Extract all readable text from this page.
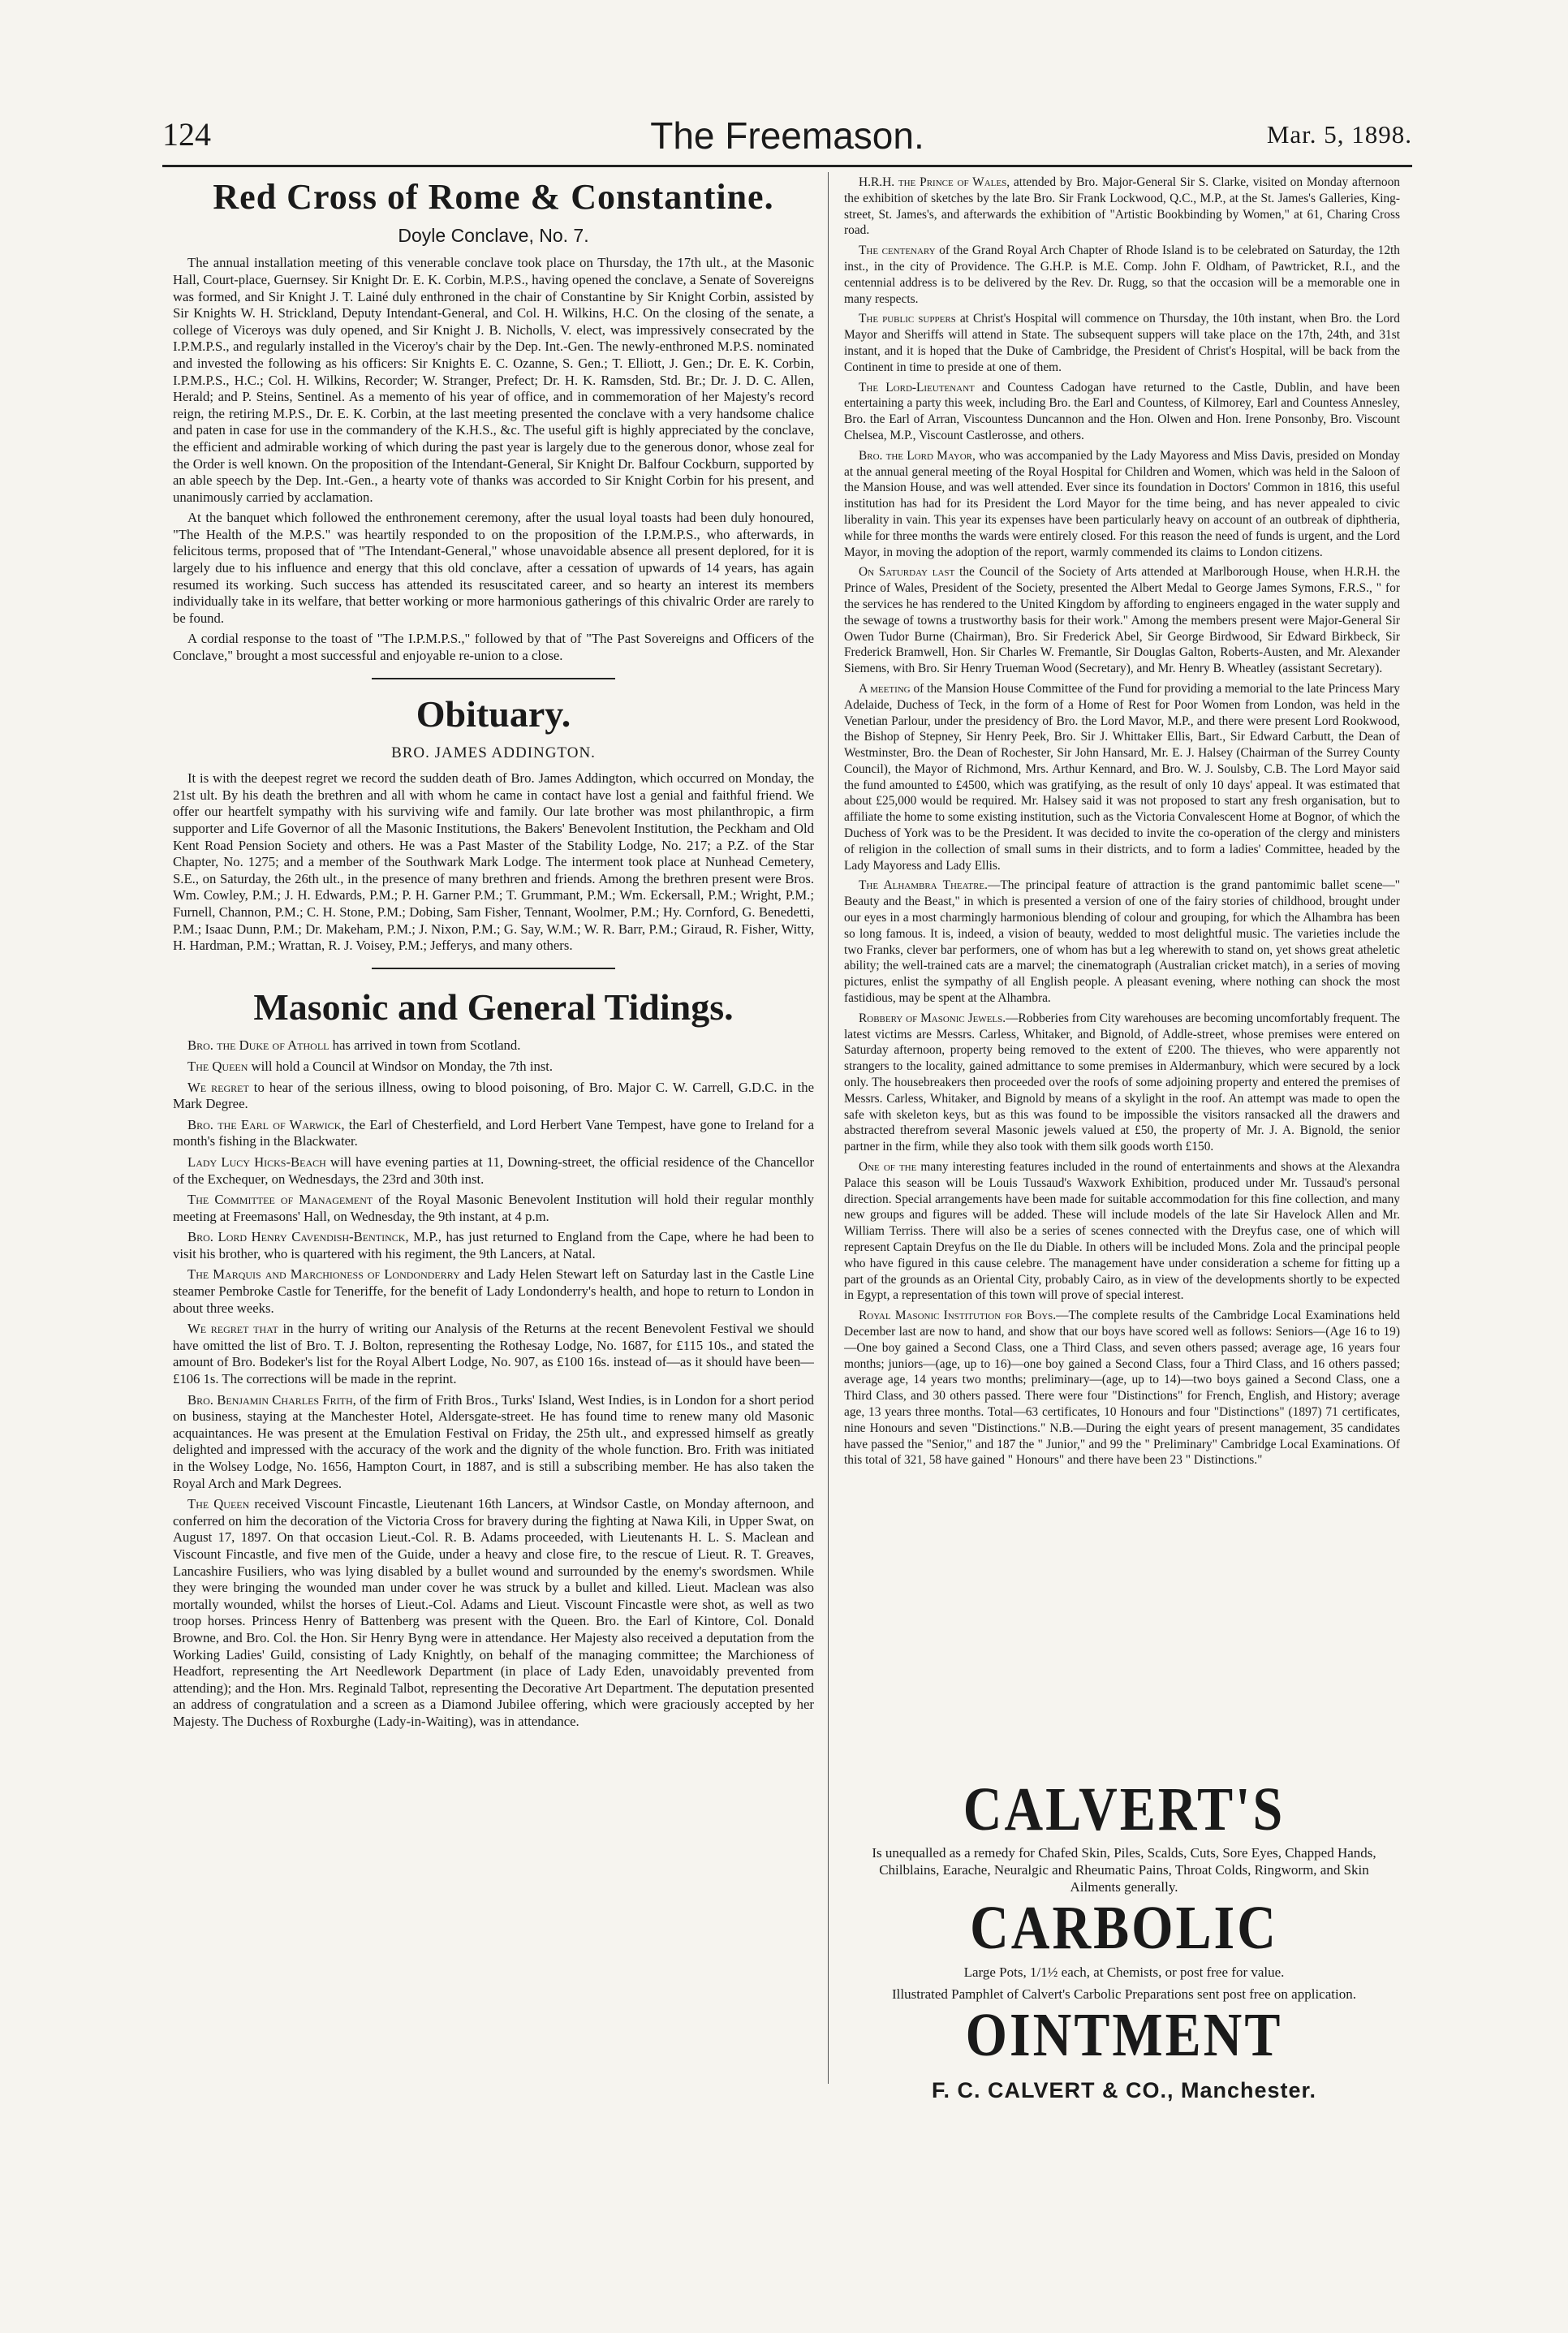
124	The Freemason.	Mar. 5, 1898.
Red Cross of Rome & Constantine.
Doyle Conclave, No. 7.

The annual installation meeting of this venerable conclave took place on Thursday, the 17th ult., at the Masonic Hall, Court-place, Guernsey. Sir Knight Dr. E. K. Corbin, M.P.S., having opened the conclave, a Senate of Sovereigns was formed, and Sir Knight J. T. Lainé duly enthroned in the chair of Constantine by Sir Knight Corbin, assisted by Sir Knights W. H. Strickland, Deputy Intendant-General, and Col. H. Wilkins, H.C. On the closing of the senate, a college of Viceroys was duly opened, and Sir Knight J. B. Nicholls, V. elect, was impressively consecrated by the I.P.M.P.S., and regularly installed in the Viceroy's chair by the Dep. Int.-Gen. The newly-enthroned M.P.S. nominated and invested the following as his officers: Sir Knights E. C. Ozanne, S. Gen.; T. Elliott, J. Gen.; Dr. E. K. Corbin, I.P.M.P.S., H.C.; Col. H. Wilkins, Recorder; W. Stranger, Prefect; Dr. H. K. Ramsden, Std. Br.; Dr. J. D. C. Allen, Herald; and P. Steins, Sentinel. As a memento of his year of office, and in commemoration of her Majesty's record reign, the retiring M.P.S., Dr. E. K. Corbin, at the last meeting presented the conclave with a very handsome chalice and paten in case for use in the commandery of the K.H.S., &c. The useful gift is highly appreciated by the conclave, the efficient and admirable working of which during the past year is largely due to the generous donor, whose zeal for the Order is well known. On the proposition of the Intendant-General, Sir Knight Dr. Balfour Cockburn, supported by an able speech by the Dep. Int.-Gen., a hearty vote of thanks was accorded to Sir Knight Corbin for his present, and unanimously carried by acclamation.

At the banquet which followed the enthronement ceremony, after the usual loyal toasts had been duly honoured, "The Health of the M.P.S." was heartily responded to on the proposition of the I.P.M.P.S., who afterwards, in felicitous terms, proposed that of "The Intendant-General," whose unavoidable absence all present deplored, for it is largely due to his influence and energy that this old conclave, after a cessation of upwards of 14 years, has again resumed its working. Such success has attended its resuscitated career, and so hearty an interest its members individually take in its welfare, that better working or more harmonious gatherings of this chivalric Order are rarely to be found.

A cordial response to the toast of "The I.P.M.P.S.," followed by that of "The Past Sovereigns and Officers of the Conclave," brought a most successful and enjoyable re-union to a close.

Obituary.
BRO. JAMES ADDINGTON.

It is with the deepest regret we record the sudden death of Bro. James Addington, which occurred on Monday, the 21st ult. By his death the brethren and all with whom he came in contact have lost a genial and faithful friend. We offer our heartfelt sympathy with his surviving wife and family. Our late brother was most philanthropic, a firm supporter and Life Governor of all the Masonic Institutions, the Bakers' Benevolent Institution, the Peckham and Old Kent Road Pension Society and others. He was a Past Master of the Stability Lodge, No. 217; a P.Z. of the Star Chapter, No. 1275; and a member of the Southwark Mark Lodge. The interment took place at Nunhead Cemetery, S.E., on Saturday, the 26th ult., in the presence of many brethren and friends. Among the brethren present were Bros. Wm. Cowley, P.M.; J. H. Edwards, P.M.; P. H. Garner P.M.; T. Grummant, P.M.; Wm. Eckersall, P.M.; Wright, P.M.; Furnell, Channon, P.M.; C. H. Stone, P.M.; Dobing, Sam Fisher, Tennant, Woolmer, P.M.; Hy. Cornford, G. Benedetti, P.M.; Isaac Dunn, P.M.; Dr. Makeham, P.M.; J. Nixon, P.M.; G. Say, W.M.; W. R. Barr, P.M.; Giraud, R. Fisher, Witty, H. Hardman, P.M.; Wrattan, R. J. Voisey, P.M.; Jefferys, and many others.

Masonic and General Tidings.

Bro. the Duke of Atholl has arrived in town from Scotland.

The Queen will hold a Council at Windsor on Monday, the 7th inst.

We regret to hear of the serious illness, owing to blood poisoning, of Bro. Major C. W. Carrell, G.D.C. in the Mark Degree.

Bro. the Earl of Warwick, the Earl of Chesterfield, and Lord Herbert Vane Tempest, have gone to Ireland for a month's fishing in the Blackwater.

Lady Lucy Hicks-Beach will have evening parties at 11, Downing-street, the official residence of the Chancellor of the Exchequer, on Wednesdays, the 23rd and 30th inst.

The Committee of Management of the Royal Masonic Benevolent Institution will hold their regular monthly meeting at Freemasons' Hall, on Wednesday, the 9th instant, at 4 p.m.

Bro. Lord Henry Cavendish-Bentinck, M.P., has just returned to England from the Cape, where he had been to visit his brother, who is quartered with his regiment, the 9th Lancers, at Natal.

The Marquis and Marchioness of Londonderry and Lady Helen Stewart left on Saturday last in the Castle Line steamer Pembroke Castle for Teneriffe, for the benefit of Lady Londonderry's health, and hope to return to London in about three weeks.

We regret that in the hurry of writing our Analysis of the Returns at the recent Benevolent Festival we should have omitted the list of Bro. T. J. Bolton, representing the Rothesay Lodge, No. 1687, for £115 10s., and stated the amount of Bro. Bodeker's list for the Royal Albert Lodge, No. 907, as £100 16s. instead of—as it should have been—£106 1s. The corrections will be made in the reprint.

Bro. Benjamin Charles Frith, of the firm of Frith Bros., Turks' Island, West Indies, is in London for a short period on business, staying at the Manchester Hotel, Aldersgate-street. He has found time to renew many old Masonic acquaintances. He was present at the Emulation Festival on Friday, the 25th ult., and expressed himself as greatly delighted and impressed with the accuracy of the work and the dignity of the whole function. Bro. Frith was initiated in the Wolsey Lodge, No. 1656, Hampton Court, in 1887, and is still a subscribing member. He has also taken the Royal Arch and Mark Degrees.

The Queen received Viscount Fincastle, Lieutenant 16th Lancers, at Windsor Castle, on Monday afternoon, and conferred on him the decoration of the Victoria Cross for bravery during the fighting at Nawa Kili, in Upper Swat, on August 17, 1897. On that occasion Lieut.-Col. R. B. Adams proceeded, with Lieutenants H. L. S. Maclean and Viscount Fincastle, and five men of the Guide, under a heavy and close fire, to the rescue of Lieut. R. T. Greaves, Lancashire Fusiliers, who was lying disabled by a bullet wound and surrounded by the enemy's swordsmen. While they were bringing the wounded man under cover he was struck by a bullet and killed. Lieut. Maclean was also mortally wounded, whilst the horses of Lieut.-Col. Adams and Lieut. Viscount Fincastle were shot, as well as two troop horses. Princess Henry of Battenberg was present with the Queen. Bro. the Earl of Kintore, Col. Donald Browne, and Bro. Col. the Hon. Sir Henry Byng were in attendance. Her Majesty also received a deputation from the Working Ladies' Guild, consisting of Lady Knightly, on behalf of the managing committee; the Marchioness of Headfort, representing the Art Needlework Department (in place of Lady Eden, unavoidably prevented from attending); and the Hon. Mrs. Reginald Talbot, representing the Decorative Art Department. The deputation presented an address of congratulation and a screen as a Diamond Jubilee offering, which were graciously accepted by her Majesty. The Duchess of Roxburghe (Lady-in-Waiting), was in attendance.

H.R.H. the Prince of Wales, attended by Bro. Major-General Sir S. Clarke, visited on Monday afternoon the exhibition of sketches by the late Bro. Sir Frank Lockwood, Q.C., M.P., at the St. James's Galleries, King-street, St. James's, and afterwards the exhibition of "Artistic Bookbinding by Women," at 61, Charing Cross road.

The centenary of the Grand Royal Arch Chapter of Rhode Island is to be celebrated on Saturday, the 12th inst., in the city of Providence. The G.H.P. is M.E. Comp. John F. Oldham, of Pawtricket, R.I., and the centennial address is to be delivered by the Rev. Dr. Rugg, so that the occasion will be a memorable one in many respects.

The public suppers at Christ's Hospital will commence on Thursday, the 10th instant, when Bro. the Lord Mayor and Sheriffs will attend in State. The subsequent suppers will take place on the 17th, 24th, and 31st instant, and it is hoped that the Duke of Cambridge, the President of Christ's Hospital, will be back from the Continent in time to preside at one of them.

The Lord-Lieutenant and Countess Cadogan have returned to the Castle, Dublin, and have been entertaining a party this week, including Bro. the Earl and Countess, of Kilmorey, Earl and Countess Annesley, Bro. the Earl of Arran, Viscountess Duncannon and the Hon. Olwen and Hon. Irene Ponsonby, Bro. Viscount Chelsea, M.P., Viscount Castlerosse, and others.

Bro. the Lord Mayor, who was accompanied by the Lady Mayoress and Miss Davis, presided on Monday at the annual general meeting of the Royal Hospital for Children and Women, which was held in the Saloon of the Mansion House, and was well attended. Ever since its foundation in Doctors' Common in 1816, this useful institution has had for its President the Lord Mayor for the time being, and has never appealed to civic liberality in vain. This year its expenses have been particularly heavy on account of an outbreak of diphtheria, while for three months the wards were entirely closed. For this reason the need of funds is urgent, and the Lord Mayor, in moving the adoption of the report, warmly commended its claims to London citizens.

On Saturday last the Council of the Society of Arts attended at Marlborough House, when H.R.H. the Prince of Wales, President of the Society, presented the Albert Medal to George James Symons, F.R.S., " for the services he has rendered to the United Kingdom by affording to engineers engaged in the water supply and the sewage of towns a trustworthy basis for their work." Among the members present were Major-General Sir Owen Tudor Burne (Chairman), Bro. Sir Frederick Abel, Sir George Birdwood, Sir Edward Birkbeck, Sir Frederick Bramwell, Hon. Sir Charles W. Fremantle, Sir Douglas Galton, Roberts-Austen, and Mr. Alexander Siemens, with Bro. Sir Henry Trueman Wood (Secretary), and Mr. Henry B. Wheatley (assistant Secretary).

A meeting of the Mansion House Committee of the Fund for providing a memorial to the late Princess Mary Adelaide, Duchess of Teck, in the form of a Home of Rest for Poor Women from London, was held in the Venetian Parlour, under the presidency of Bro. the Lord Mavor, M.P., and there were present Lord Rookwood, the Bishop of Stepney, Sir Henry Peek, Bro. Sir J. Whittaker Ellis, Bart., Sir Edward Carbutt, the Dean of Westminster, Bro. the Dean of Rochester, Sir John Hansard, Mr. E. J. Halsey (Chairman of the Surrey County Council), the Mayor of Richmond, Mrs. Arthur Kennard, and Bro. W. J. Soulsby, C.B. The Lord Mayor said the fund amounted to £4500, which was gratifying, as the result of only 10 days' appeal. It was estimated that about £25,000 would be required. Mr. Halsey said it was not proposed to start any fresh organisation, but to affiliate the home to some existing institution, such as the Victoria Convalescent Home at Bognor, of which the Duchess of York was to be the President. It was decided to invite the co-operation of the clergy and ministers of religion in the collection of small sums in their districts, and to form a ladies' Committee, headed by the Lady Mayoress and Lady Ellis.

The Alhambra Theatre.—The principal feature of attraction is the grand pantomimic ballet scene—" Beauty and the Beast," in which is presented a version of one of the fairy stories of childhood, brought under our eyes in a most charmingly harmonious blending of colour and grouping, for which the Alhambra has been so long famous. It is, indeed, a vision of beauty, wedded to most delightful music. The varieties include the two Franks, clever bar performers, one of whom has but a leg wherewith to stand on, yet shows great atheletic ability; the well-trained cats are a marvel; the cinematograph (Australian cricket match), in a series of moving pictures, enlist the sympathy of all English people. A pleasant evening, where nothing can shock the most fastidious, may be spent at the Alhambra.

Robbery of Masonic Jewels.—Robberies from City warehouses are becoming uncomfortably frequent. The latest victims are Messrs. Carless, Whitaker, and Bignold, of Addle-street, whose premises were entered on Saturday afternoon, property being removed to the extent of £200. The thieves, who were apparently not strangers to the locality, gained admittance to some premises in Aldermanbury, which were secured by a lock only. The housebreakers then proceeded over the roofs of some adjoining property and entered the premises of Messrs. Carless, Whitaker, and Bignold by means of a skylight in the roof. An attempt was made to open the safe with skeleton keys, but as this was found to be impossible the visitors ransacked all the drawers and abstracted therefrom several Masonic jewels valued at £50, the property of Mr. J. A. Bignold, the senior partner in the firm, while they also took with them silk goods worth £150.

One of the many interesting features included in the round of entertainments and shows at the Alexandra Palace this season will be Louis Tussaud's Waxwork Exhibition, produced under Mr. Tussaud's personal direction. Special arrangements have been made for suitable accommodation for this fine collection, and many new groups and figures will be added. These will include models of the late Sir Havelock Allen and Mr. William Terriss. There will also be a series of scenes connected with the Dreyfus case, one of which will represent Captain Dreyfus on the Ile du Diable. In others will be included Mons. Zola and the principal people who have figured in this cause celebre. The management have under consideration a scheme for fitting up a part of the grounds as an Oriental City, probably Cairo, as in view of the developments shortly to be expected in Egypt, a representation of this town will prove of special interest.

Royal Masonic Institution for Boys.—The complete results of the Cambridge Local Examinations held December last are now to hand, and show that our boys have scored well as follows: Seniors—(Age 16 to 19)—One boy gained a Second Class, one a Third Class, and seven others passed; average age, 16 years four months; juniors—(age, up to 16)—one boy gained a Second Class, four a Third Class, and 16 others passed; average age, 14 years two months; preliminary—(age, up to 14)—two boys gained a Second Class, one a Third Class, and 30 others passed. There were four "Distinctions" for French, English, and History; average age, 13 years three months. Total—63 certificates, 10 Honours and four "Distinctions" (1897) 71 certificates, nine Honours and seven "Distinctions." N.B.—During the eight years of present management, 35 candidates have passed the "Senior," and 187 the " Junior," and 99 the " Preliminary" Cambridge Local Examinations. Of this total of 321, 58 have gained " Honours" and there have been 23 " Distinctions."

CALVERT'S
Is unequalled as a remedy for Chafed Skin, Piles, Scalds, Cuts, Sore Eyes, Chapped Hands, Chilblains, Earache, Neuralgic and Rheumatic Pains, Throat Colds, Ringworm, and Skin Ailments generally.
CARBOLIC
Large Pots, 1/1½ each, at Chemists, or post free for value.
Illustrated Pamphlet of Calvert's Carbolic Preparations sent post free on application.
OINTMENT
F. C. CALVERT & CO., Manchester.
